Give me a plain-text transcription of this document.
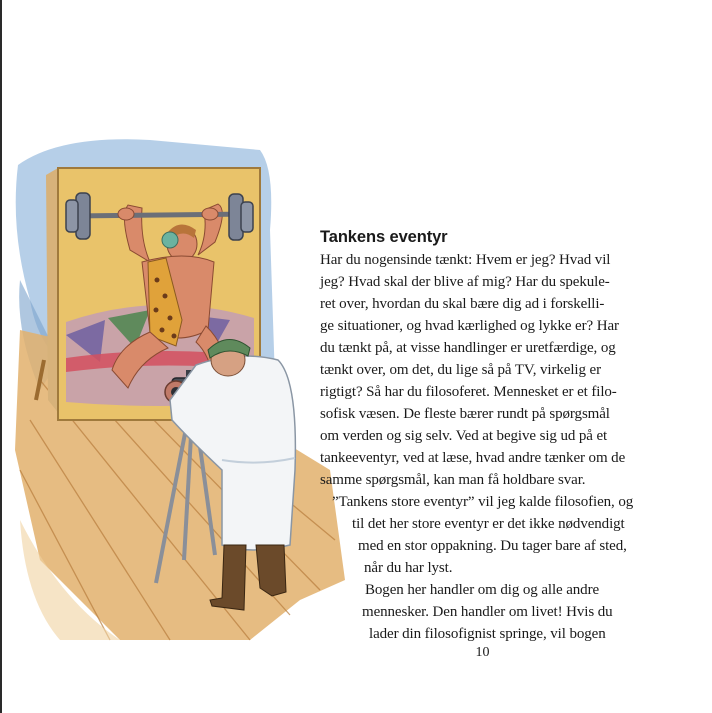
Tankens eventyr
Har du nogensinde tænkt: Hvem er jeg? Hvad vil
jeg? Hvad skal der blive af mig? Har du spekule-
ret over, hvordan du skal bære dig ad i forskelli-
ge situationer, og hvad kærlighed og lykke er? Har
du tænkt på, at visse handlinger er uretfærdige, og
tænkt over, om det, du lige så på TV, virkelig er
rigtigt? Så har du filosoferet. Mennesket er et filo-
sofisk væsen. De fleste bærer rundt på spørgsmål
om verden og sig selv. Ved at begive sig ud på et
tankeeventyr, ved at læse, hvad andre tænker om de
samme spørgsmål, kan man få holdbare svar.
”Tankens store eventyr” vil jeg kalde filosofien, og
til det her store eventyr er det ikke nødvendigt
med en stor oppakning. Du tager bare af sted,
når du har lyst.
Bogen her handler om dig og alle andre
mennesker. Den handler om livet! Hvis du
lader din filosofignist springe, vil bogen
10
